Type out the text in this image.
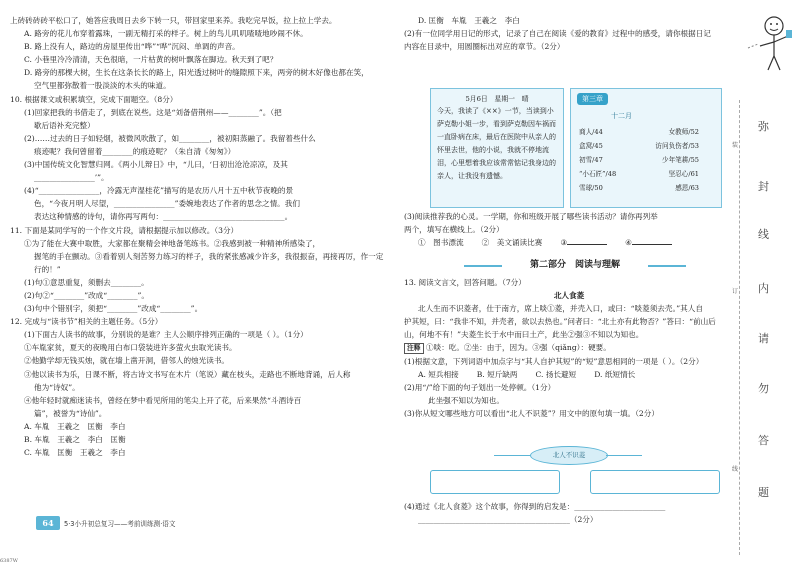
上砖砖砖砖平松口了，她答应我周日去乡下转一只，带回家里来养。我吃完早饭，拉上拉上学去。
A. 路旁的花儿布穿着露珠，一副无精打采的样子。树上的鸟儿叽叽喳喳地吵闹不休。
B. 路上没有人，路边的房屋里传出“哗”“哗”沉闷、单调的声音。
C. 小巷里冷冷清清，天色很暗，一片枯黄的树叶飘落在脚边。秋天到了吧？
D. 路旁的那棵大树，生长在这条长长的路上，阳光透过树叶的缝隙照下来，两旁的树木好像也都在笑，
空气里都弥散着一股淡淡的木头的味道。
10. 根据课文或积累填空，完成下面题空。（8分）
(1)回家把我的书借走了，到底在说些。这是“刘备借荆州——________”。（把
歇后语补充完整）
(2)……过去的日子如轻烟，被微风吹散了，如________，被初阳蒸融了。我留着些什么
痕迹呢？我何曾留着________的痕迹呢？（朱自清《匆匆》）
(3)中国传统文化智慧归网。《两小儿辩日》中，“儿曰，‘日初出沧沧凉凉，及其
________________’”。
(4)“________________，冷露无声湿桂花”描写的是农历八月十五中秋节夜晚的景
色，“今夜月明人尽望，________________”委婉地表达了作者的思念之情。我们
表达这种情感的诗句，请你再写两句：________________________________。
11. 下面是某同学写的一个作文片段，请根据提示加以修改。（3分）
①为了能在大赛中取胜，大家都在聚精会神地备笔练书。②我感到被一种精神所感染了，
握笔的手在颤动。③看着别人刻苦努力练习的样子，我的紧张感减少许多，我很振奋，再接再厉，作一定
行的！”
(1)句①意思重复，须删去________。
(2)句②“________”改成“________”。
(3)句中个错别字，须把“________”改成“________”。
12. 完成与“读书节”相关的主题任务。（5分）
(1)下面古人读书的故事，分别说的是谁？主人公顺序排列正确的一项是（ ）。（1分）
①车胤家贫，夏天的夜晚用白布口袋装进许多萤火虫取光读书。
②他勤学却无钱买烛，就在墙上凿开洞，借邻人的烛光读书。
③他以读书为乐，日课不断，将古诗文书写在木片（笔说）藏在枝头，走路也不断地背诵，后人称
他为“诗奴”。
④他年轻时就痴迷读书，曾经在梦中看见所用的笔尖上开了花，后来果然“斗酒诗百
篇”，被誉为“诗仙”。
A. 车胤　 王羲之　匡衡　李白
B. 车胤　 王羲之　李白　匡衡
C. 车胤　 匡衡　王羲之　李白
D. 匡衡　车胤　王羲之　李白
(2)有一位同学用日记的形式，记录了自己在阅读《爱的教育》过程中的感受，请你根据日记
内容在目录中，用圆圈标出对应的章节。（2分）
5月6日　星期一　晴
今天，我读了《××》一节，当读到小萨克勒小姐一步，看到萨克勒因车祸而一直卧病在床，最后在医院中从亲人的怀里去世，他的小说，我就不停地流泪，心里想着我应该常常惦记我身边的亲人，让我没有遗憾。
第三章
十二月
商人/44	女教师/52
盒窝/45	访问负伤者/53
初雪/47	少年笔耕/55
“小石匠”/48	坚忍心/61
雪球/50	感恩/63
(3)阅读推荐我的心灵。一学期，你和班级开展了哪些读书活动？请你再列举
两个，填写在横线上。（2分）
①　图书漂流 ②　美文诵读比赛 ③	④
第二部分　阅读与理解
13. 阅读文言文，回答问题。（7分）
北人食菱
北人生而不识菱者，仕于南方，席上啖①菱，并壳入口，或曰：“啖菱须去壳。”其人自
护其短，曰：“我非不知，并壳者，欲以去热也。”问者曰：“北土亦有此物否？”答曰：“前山后
山，何地不有！”夫菱生长于水中而曰土产，此坐②强③不知以为知也。
注释 ①啖：吃。②坐：由于，因为。③强（qiǎng）：硬要。
(1)根据文意，下列词语中加点字与“其人自护其短”的“短”意思相同的一项是（ ）。（2分）
A. 短兵相接 B. 短斤缺两 C. 扬长避短 D. 纸短情长
(2)用“/”给下面的句子划出一处停顿。（1分）
此坐强不知以为知也。
(3)你从短文哪些地方可以看出“北人不识菱”？用文中的原句填一填。（2分）
北人不识菱
(4)通过《北人食菱》这个故事，你得到的启发是：________________________
________________________________________（2分）
弥
封
线
内
请
勿
答
题
装
订
线
64	5·3小升初总复习——考前训练测·语文
6387W
